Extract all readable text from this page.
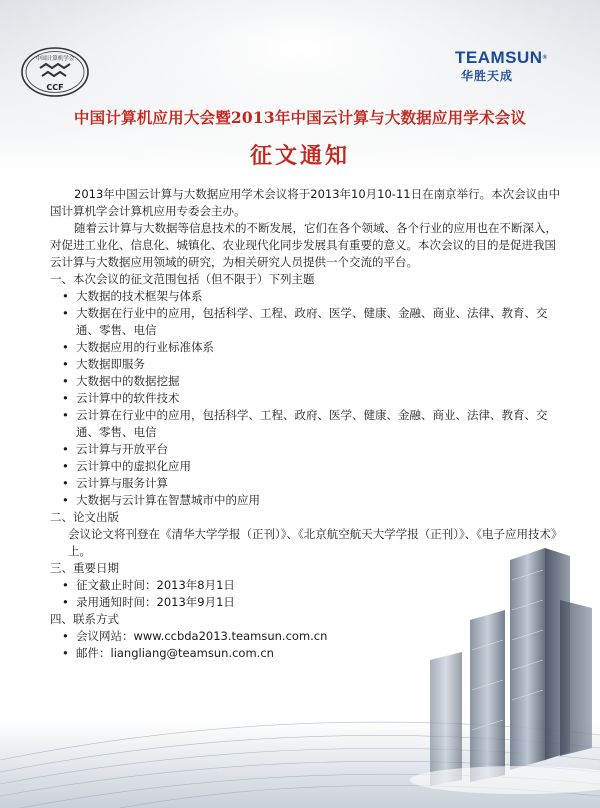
中国计算机学会
CCF
TEAMSUN®
华胜天成
中国计算机应用大会暨2013年中国云计算与大数据应用学术会议
征文通知

2013年中国云计算与大数据应用学术会议将于2013年10月10-11日在南京举行。本次会议由中国计算机学会计算机应用专委会主办。

随着云计算与大数据等信息技术的不断发展，它们在各个领域、各个行业的应用也在不断深入，对促进工业化、信息化、城镇化、农业现代化同步发展具有重要的意义。本次会议的目的是促进我国云计算与大数据应用领域的研究，为相关研究人员提供一个交流的平台。

一、本次会议的征文范围包括（但不限于）下列主题

• 大数据的技术框架与体系
• 大数据在行业中的应用，包括科学、工程、政府、医学、健康、金融、商业、法律、教育、交通、零售、电信
• 大数据应用的行业标准体系
• 大数据即服务
• 大数据中的数据挖掘
• 云计算中的软件技术
• 云计算在行业中的应用，包括科学、工程、政府、医学、健康、金融、商业、法律、教育、交通、零售、电信
• 云计算与开放平台
• 云计算中的虚拟化应用
• 云计算与服务计算
• 大数据与云计算在智慧城市中的应用

二、论文出版

会议论文将刊登在《清华大学学报（正刊）》、《北京航空航天大学学报（正刊）》、《电子应用技术》上。

三、重要日期

• 征文截止时间：2013年8月1日
• 录用通知时间：2013年9月1日

四、联系方式

• 会议网站：www.ccbda2013.teamsun.com.cn
• 邮件：liangliang@teamsun.com.cn
